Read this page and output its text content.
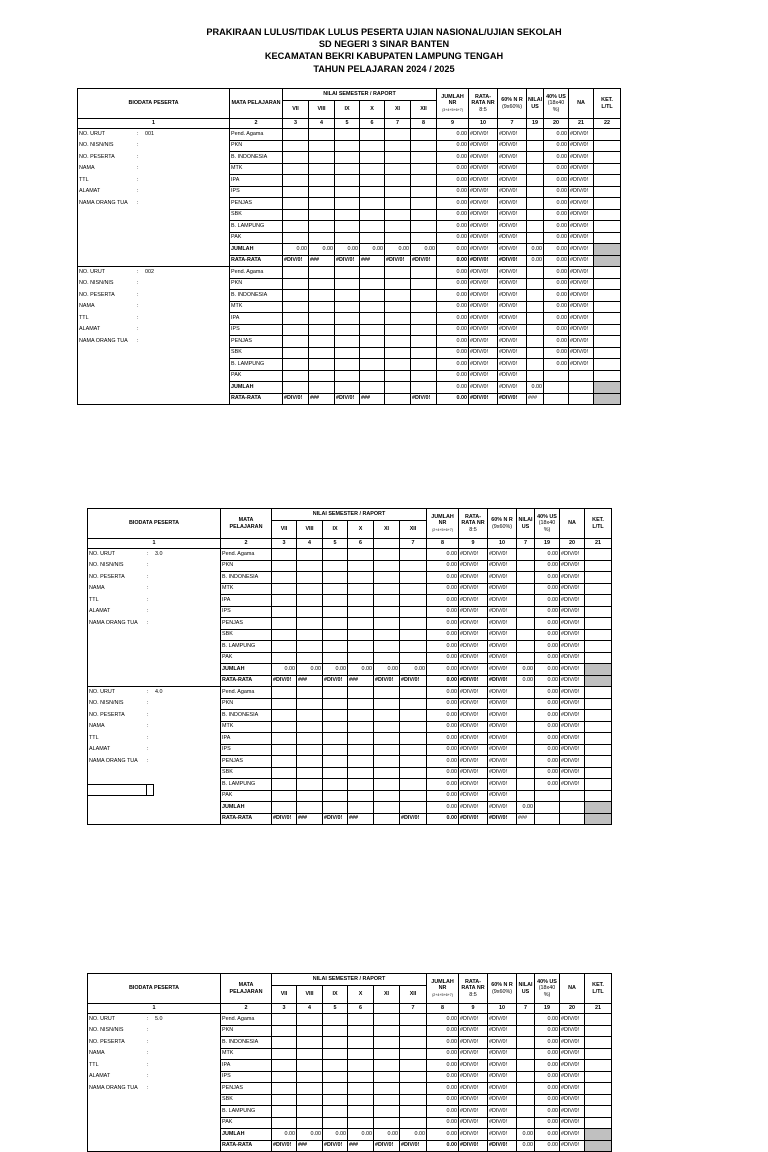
PRAKIRAAN LULUS/TIDAK LULUS PESERTA UJIAN NASIONAL/UJIAN SEKOLAH
SD NEGERI 3 SINAR BANTEN
KECAMATAN BEKRI KABUPATEN LAMPUNG TENGAH
TAHUN PELAJARAN 2024 / 2025
BIODATA PESERTA	MATA PELAJARAN	NILAI SEMESTER / RAPORT						JUMLAH NR
(3+4+5+6+7)	RATA-RATA NR
8:5	60% N R
(9x60%)	NILAI US	40% US
(18x40 %)	NA	KET. L/TL
		VII	VIII	IX	X	XI	XII							
1	2	3	4	5	6	7	8	9	10	7	19	20	21	22
NO. URUT : 001	Pend. Agama							0.00	#DIV/0!	#DIV/0!		0.00	#DIV/0!	
NO. NISN/NIS :	PKN							0.00	#DIV/0!	#DIV/0!		0.00	#DIV/0!	
NO. PESERTA :	B. INDONESIA							0.00	#DIV/0!	#DIV/0!		0.00	#DIV/0!	
NAMA :	MTK							0.00	#DIV/0!	#DIV/0!		0.00	#DIV/0!	
TTL :	IPA							0.00	#DIV/0!	#DIV/0!		0.00	#DIV/0!	
ALAMAT :	IPS							0.00	#DIV/0!	#DIV/0!		0.00	#DIV/0!	
NAMA ORANG TUA :	PENJAS							0.00	#DIV/0!	#DIV/0!		0.00	#DIV/0!	
	SBK							0.00	#DIV/0!	#DIV/0!		0.00	#DIV/0!	
	B. LAMPUNG							0.00	#DIV/0!	#DIV/0!		0.00	#DIV/0!	
	PAK							0.00	#DIV/0!	#DIV/0!		0.00	#DIV/0!	
	JUMLAH	0.00	0.00	0.00	0.00	0.00	0.00	0.00	#DIV/0!	#DIV/0!	0.00	0.00	#DIV/0!	
	RATA-RATA	#DIV/0!	###	#DIV/0!	###	#DIV/0!	#DIV/0!	0.00	#DIV/0!	#DIV/0!	0.00	0.00	#DIV/0!	
NO. URUT : 002	Pend. Agama							0.00	#DIV/0!	#DIV/0!		0.00	#DIV/0!	
NO. NISN/NIS :	PKN							0.00	#DIV/0!	#DIV/0!		0.00	#DIV/0!	
NO. PESERTA :	B. INDONESIA							0.00	#DIV/0!	#DIV/0!		0.00	#DIV/0!	
NAMA :	MTK							0.00	#DIV/0!	#DIV/0!		0.00	#DIV/0!	
TTL :	IPA							0.00	#DIV/0!	#DIV/0!		0.00	#DIV/0!	
ALAMAT :	IPS							0.00	#DIV/0!	#DIV/0!		0.00	#DIV/0!	
NAMA ORANG TUA :	PENJAS							0.00	#DIV/0!	#DIV/0!		0.00	#DIV/0!	
	SBK							0.00	#DIV/0!	#DIV/0!		0.00	#DIV/0!	
	B. LAMPUNG							0.00	#DIV/0!	#DIV/0!		0.00	#DIV/0!	
	PAK							0.00	#DIV/0!	#DIV/0!				
	JUMLAH							0.00	#DIV/0!	#DIV/0!	0.00			
	RATA-RATA	#DIV/0!	###	#DIV/0!	###		#DIV/0!	0.00	#DIV/0!	#DIV/0!	###			
BIODATA PESERTA	MATA PELAJARAN	NILAI SEMESTER / RAPORT						JUMLAH NR
(2+4+5+6+7)	RATA-RATA NR
8:5	60% N R
(9x60%)	NILAI US	40% US
(18x40 %)	NA	KET. L/TL
		VII	VIII	IX	X	XI	XII							
1	2	3	4	5	6		7	8	9	10	7	19	20	21
NO. URUT : 3.0	Pend. Agama							0.00	#DIV/0!	#DIV/0!		0.00	#DIV/0!	
NO. NISN/NIS :	PKN							0.00	#DIV/0!	#DIV/0!		0.00	#DIV/0!	
NO. PESERTA :	B. INDONESIA							0.00	#DIV/0!	#DIV/0!		0.00	#DIV/0!	
NAMA :	MTK							0.00	#DIV/0!	#DIV/0!		0.00	#DIV/0!	
TTL :	IPA							0.00	#DIV/0!	#DIV/0!		0.00	#DIV/0!	
ALAMAT :	IPS							0.00	#DIV/0!	#DIV/0!		0.00	#DIV/0!	
NAMA ORANG TUA :	PENJAS							0.00	#DIV/0!	#DIV/0!		0.00	#DIV/0!	
	SBK							0.00	#DIV/0!	#DIV/0!		0.00	#DIV/0!	
	B. LAMPUNG							0.00	#DIV/0!	#DIV/0!		0.00	#DIV/0!	
	PAK							0.00	#DIV/0!	#DIV/0!		0.00	#DIV/0!	
	JUMLAH	0.00	0.00	0.00	0.00	0.00	0.00	0.00	#DIV/0!	#DIV/0!	0.00	0.00	#DIV/0!	
	RATA-RATA	#DIV/0!	###	#DIV/0!	###	#DIV/0!	#DIV/0!	0.00	#DIV/0!	#DIV/0!	0.00	0.00	#DIV/0!	
NO. URUT : 4.0	Pend. Agama							0.00	#DIV/0!	#DIV/0!		0.00	#DIV/0!	
NO. NISN/NIS :	PKN							0.00	#DIV/0!	#DIV/0!		0.00	#DIV/0!	
NO. PESERTA :	B. INDONESIA							0.00	#DIV/0!	#DIV/0!		0.00	#DIV/0!	
NAMA :	MTK							0.00	#DIV/0!	#DIV/0!		0.00	#DIV/0!	
TTL :	IPA							0.00	#DIV/0!	#DIV/0!		0.00	#DIV/0!	
ALAMAT :	IPS							0.00	#DIV/0!	#DIV/0!		0.00	#DIV/0!	
NAMA ORANG TUA :	PENJAS							0.00	#DIV/0!	#DIV/0!		0.00	#DIV/0!	
	SBK							0.00	#DIV/0!	#DIV/0!		0.00	#DIV/0!	
	B. LAMPUNG							0.00	#DIV/0!	#DIV/0!		0.00	#DIV/0!	
	PAK							0.00	#DIV/0!	#DIV/0!				
	JUMLAH							0.00	#DIV/0!	#DIV/0!	0.00			
	RATA-RATA	#DIV/0!	###	#DIV/0!	###		#DIV/0!	0.00	#DIV/0!	#DIV/0!	###			
BIODATA PESERTA	MATA PELAJARAN	NILAI SEMESTER / RAPORT						JUMLAH NR
(2+4+5+6+7)	RATA-RATA NR
8:5	60% N R
(9x60%)	NILAI US	40% US
(18x40 %)	NA	KET. L/TL
		VII	VIII	IX	X	XI	XII							
1	2	3	4	5	6		7	8	9	10	7	19	20	21
NO. URUT : 5.0	Pend. Agama							0.00	#DIV/0!	#DIV/0!		0.00	#DIV/0!	
NO. NISN/NIS :	PKN							0.00	#DIV/0!	#DIV/0!		0.00	#DIV/0!	
NO. PESERTA :	B. INDONESIA							0.00	#DIV/0!	#DIV/0!		0.00	#DIV/0!	
NAMA :	MTK							0.00	#DIV/0!	#DIV/0!		0.00	#DIV/0!	
TTL :	IPA							0.00	#DIV/0!	#DIV/0!		0.00	#DIV/0!	
ALAMAT :	IPS							0.00	#DIV/0!	#DIV/0!		0.00	#DIV/0!	
NAMA ORANG TUA :	PENJAS							0.00	#DIV/0!	#DIV/0!		0.00	#DIV/0!	
	SBK							0.00	#DIV/0!	#DIV/0!		0.00	#DIV/0!	
	B. LAMPUNG							0.00	#DIV/0!	#DIV/0!		0.00	#DIV/0!	
	PAK							0.00	#DIV/0!	#DIV/0!		0.00	#DIV/0!	
	JUMLAH	0.00	0.00	0.00	0.00	0.00	0.00	0.00	#DIV/0!	#DIV/0!	0.00	0.00	#DIV/0!	
	RATA-RATA	#DIV/0!	###	#DIV/0!	###	#DIV/0!	#DIV/0!	0.00	#DIV/0!	#DIV/0!	0.00	0.00	#DIV/0!	
